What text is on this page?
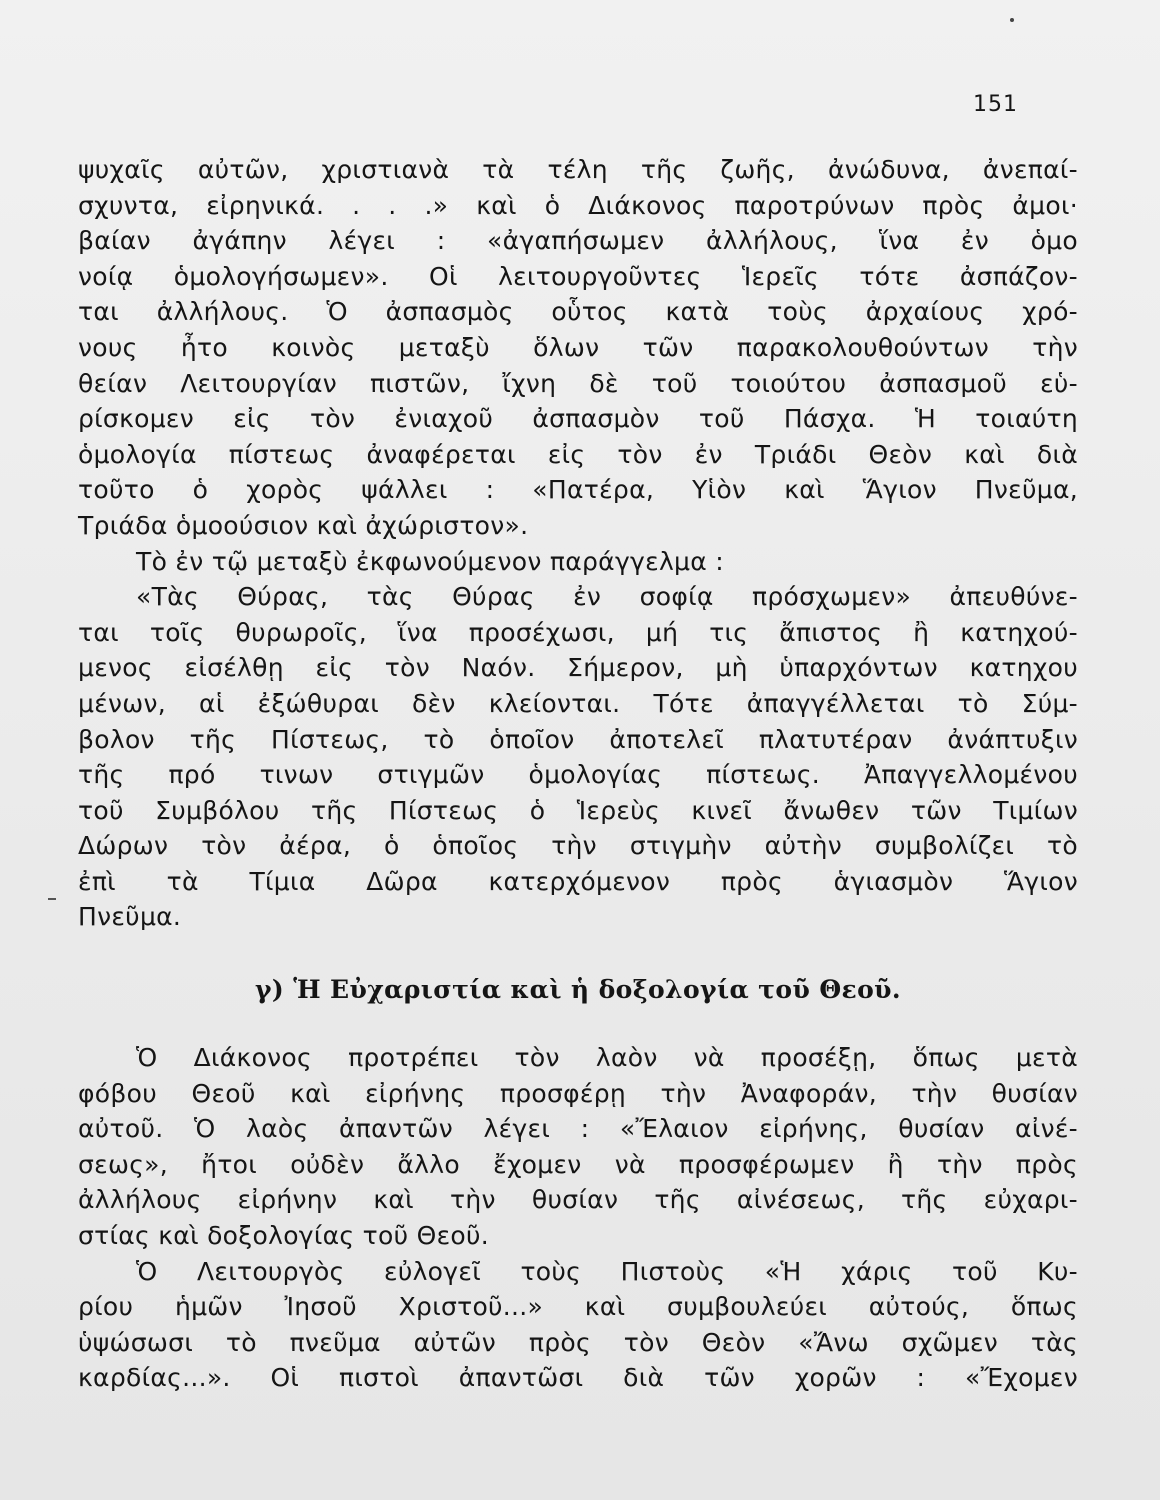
151
ψυχαῖς αὐτῶν, χριστιανὰ τὰ τέλη τῆς ζωῆς, ἀνώδυνα, ἀνεπαί-
σχυντα, εἰρηνικά. . . .» καὶ ὁ Διάκονος παροτρύνων πρὸς ἀμοι·
βαίαν ἀγάπην λέγει : «ἀγαπήσωμεν ἀλλήλους, ἵνα ἐν ὁμο
νοίᾳ ὁμολογήσωμεν». Οἱ λειτουργοῦντες Ἱερεῖς τότε ἀσπάζον-
ται ἀλλήλους. Ὁ ἀσπασμὸς οὗτος κατὰ τοὺς ἀρχαίους χρό-
νους ἦτο κοινὸς μεταξὺ ὅλων τῶν παρακολουθούντων τὴν
θείαν Λειτουργίαν πιστῶν, ἴχνη δὲ τοῦ τοιούτου ἀσπασμοῦ εὑ-
ρίσκομεν εἰς τὸν ἐνιαχοῦ ἀσπασμὸν τοῦ Πάσχα. Ἡ τοιαύτη
ὁμολογία πίστεως ἀναφέρεται εἰς τὸν ἐν Τριάδι Θεὸν καὶ διὰ
τοῦτο ὁ χορὸς ψάλλει : «Πατέρα, Υἱὸν καὶ Ἅγιον Πνεῦμα,
Τριάδα ὁμοούσιον καὶ ἀχώριστον».
Τὸ ἐν τῷ μεταξὺ ἐκφωνούμενον παράγγελμα :
«Τὰς Θύρας, τὰς Θύρας ἐν σοφίᾳ πρόσχωμεν» ἀπευθύνε-
ται τοῖς θυρωροῖς, ἵνα προσέχωσι, μή τις ἄπιστος ἢ κατηχού-
μενος εἰσέλθῃ εἰς τὸν Ναόν. Σήμερον, μὴ ὑπαρχόντων κατηχου
μένων, αἱ ἐξώθυραι δὲν κλείονται. Τότε ἀπαγγέλλεται τὸ Σύμ-
βολον τῆς Πίστεως, τὸ ὁποῖον ἀποτελεῖ πλατυτέραν ἀνάπτυξιν
τῆς πρό τινων στιγμῶν ὁμολογίας πίστεως. Ἀπαγγελλομένου
τοῦ Συμβόλου τῆς Πίστεως ὁ Ἱερεὺς κινεῖ ἄνωθεν τῶν Τιμίων
Δώρων τὸν ἀέρα, ὁ ὁποῖος τὴν στιγμὴν αὐτὴν συμβολίζει τὸ
ἐπὶ τὰ Τίμια Δῶρα κατερχόμενον πρὸς ἁγιασμὸν Ἅγιον
Πνεῦμα.
γ) Ἡ Εὐχαριστία καὶ ἡ δοξολογία τοῦ Θεοῦ.
Ὁ Διάκονος προτρέπει τὸν λαὸν νὰ προσέξῃ, ὅπως μετὰ
φόβου Θεοῦ καὶ εἰρήνης προσφέρῃ τὴν Ἀναφοράν, τὴν θυσίαν
αὐτοῦ. Ὁ λαὸς ἀπαντῶν λέγει : «Ἔλαιον εἰρήνης, θυσίαν αἰνέ-
σεως», ἤτοι οὐδὲν ἄλλο ἔχομεν νὰ προσφέρωμεν ἢ τὴν πρὸς
ἀλλήλους εἰρήνην καὶ τὴν θυσίαν τῆς αἰνέσεως, τῆς εὐχαρι-
στίας καὶ δοξολογίας τοῦ Θεοῦ.
Ὁ Λειτουργὸς εὐλογεῖ τοὺς Πιστοὺς «Ἡ χάρις τοῦ Κυ-
ρίου ἡμῶν Ἰησοῦ Χριστοῦ...» καὶ συμβουλεύει αὐτούς, ὅπως
ὑψώσωσι τὸ πνεῦμα αὐτῶν πρὸς τὸν Θεὸν «Ἄνω σχῶμεν τὰς
καρδίας...». Οἱ πιστοὶ ἀπαντῶσι διὰ τῶν χορῶν : «Ἔχομεν
